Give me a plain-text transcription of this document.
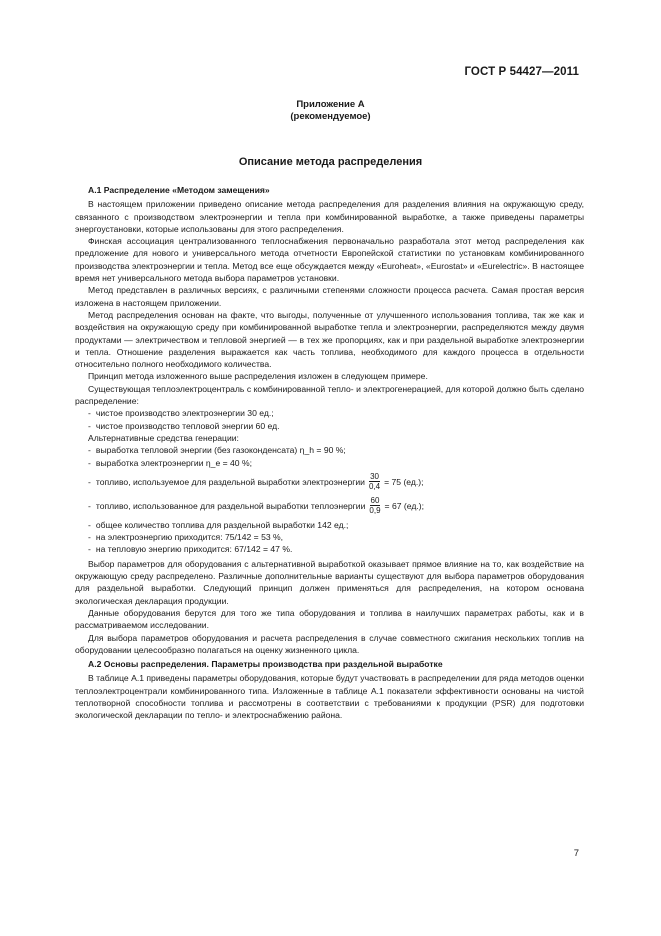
ГОСТ Р 54427—2011
Приложение А
(рекомендуемое)
Описание метода распределения

А.1 Распределение «Методом замещения»

В настоящем приложении приведено описание метода распределения для разделения влияния на окружающую среду, связанного с производством электроэнергии и тепла при комбинированной выработке, а также приведены параметры энергоустановки, которые использованы для этого распределения.

Финская ассоциация централизованного теплоснабжения первоначально разработала этот метод распределения как предложение для нового и универсального метода отчетности Европейской статистики по установкам комбинированного производства электроэнергии и тепла. Метод все еще обсуждается между «Euroheat», «Eurostat» и «Eurelectric». В настоящее время нет универсального метода выбора параметров установки.

Метод представлен в различных версиях, с различными степенями сложности процесса расчета. Самая простая версия изложена в настоящем приложении.

Метод распределения основан на факте, что выгоды, полученные от улучшенного использования топлива, так же как и воздействия на окружающую среду при комбинированной выработке тепла и электроэнергии, распределяются между двумя продуктами — электричеством и тепловой энергией — в тех же пропорциях, как и при раздельной выработке электроэнергии и тепла. Отношение разделения выражается как часть топлива, необходимого для каждого процесса в отдельности относительно полного необходимого количества.

Принцип метода изложенного выше распределения изложен в следующем примере.

Существующая теплоэлектроцентраль с комбинированной тепло- и электрогенерацией, для которой должно быть сделано распределение:

- чистое производство электроэнергии 30 ед.;

- чистое производство тепловой энергии 60 ед.

Альтернативные средства генерации:

- выработка тепловой энергии (без газоконденсата) η_h = 90 %;

- выработка электроэнергии η_e = 40 %;

- топливо, используемое для раздельной выработки электроэнергии $\frac{30}{0,4} = 75$ (ед.);
- топливо, использованное для раздельной выработки теплоэнергии $\frac{60}{0,9} = 67$ (ед.);

- общее количество топлива для раздельной выработки 142 ед.;

- на электроэнергию приходится: 75/142 = 53 %,

- на тепловую энергию приходится: 67/142 = 47 %.

Выбор параметров для оборудования с альтернативной выработкой оказывает прямое влияние на то, как воздействие на окружающую среду распределено. Различные дополнительные варианты существуют для выбора параметров оборудования для раздельной выработки. Следующий принцип должен применяться для распределения, на котором основана экологическая декларация продукции.

Данные оборудования берутся для того же типа оборудования и топлива в наилучших параметрах работы, как и в рассматриваемом исследовании.

Для выбора параметров оборудования и расчета распределения в случае совместного сжигания нескольких топлив на оборудовании целесообразно полагаться на оценку жизненного цикла.

А.2 Основы распределения. Параметры производства при раздельной выработке

В таблице А.1 приведены параметры оборудования, которые будут участвовать в распределении для ряда методов оценки теплоэлектроцентрали комбинированного типа. Изложенные в таблице А.1 показатели эффективности основаны на чистой теплотворной способности топлива и рассмотрены в соответствии с требованиями к продукции (PSR) для подготовки экологической декларации по тепло- и электроснабжению района.

7
